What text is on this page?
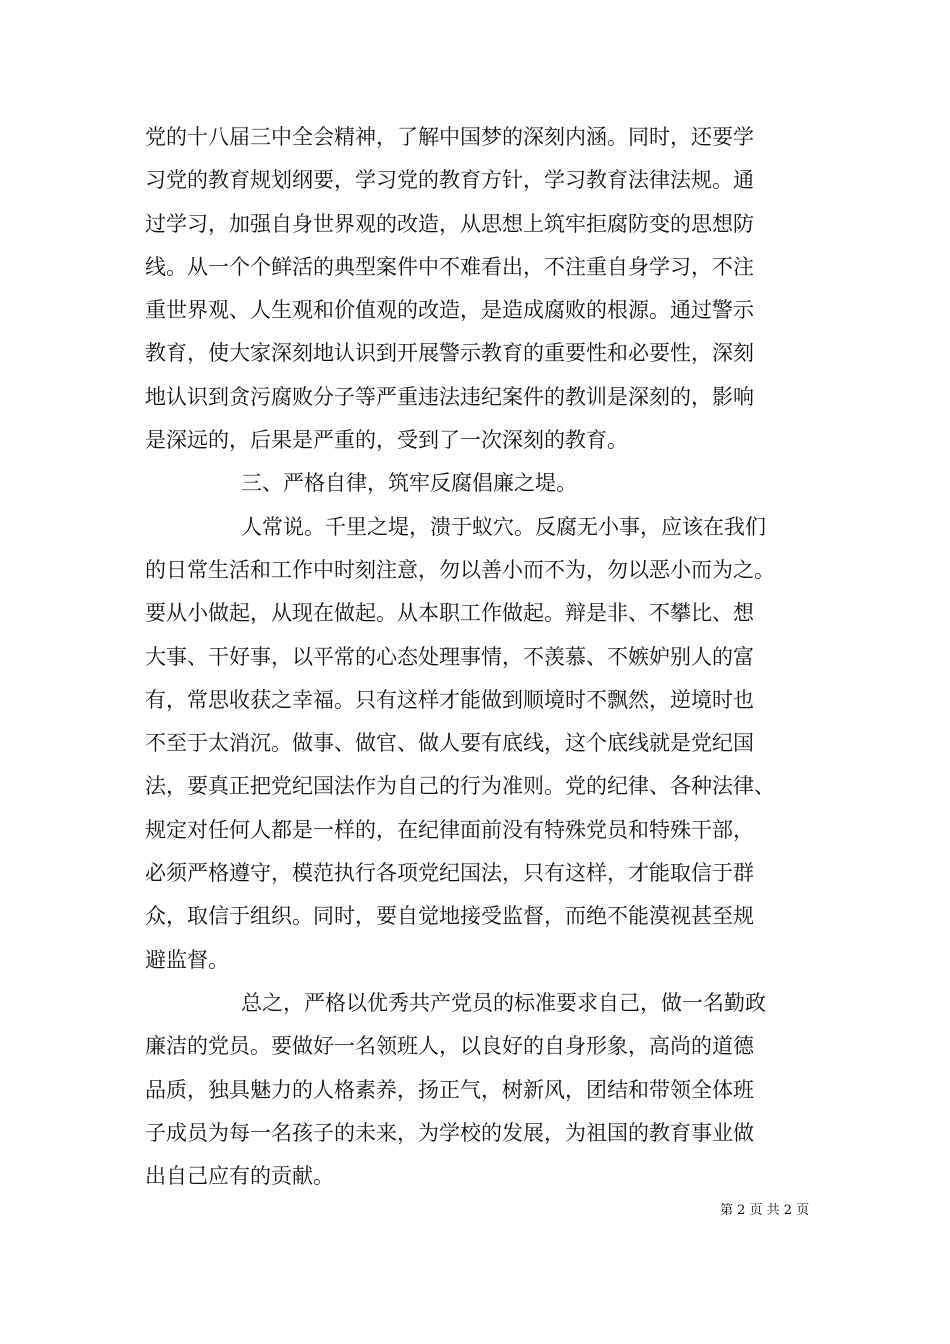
党的十八届三中全会精神，了解中国梦的深刻内涵。同时，还要学
习党的教育规划纲要，学习党的教育方针，学习教育法律法规。通
过学习，加强自身世界观的改造，从思想上筑牢拒腐防变的思想防
线。从一个个鲜活的典型案件中不难看出，不注重自身学习，不注
重世界观、人生观和价值观的改造，是造成腐败的根源。通过警示
教育，使大家深刻地认识到开展警示教育的重要性和必要性，深刻
地认识到贪污腐败分子等严重违法违纪案件的教训是深刻的，影响
是深远的，后果是严重的，受到了一次深刻的教育。
三、严格自律，筑牢反腐倡廉之堤。
人常说。千里之堤，溃于蚁穴。反腐无小事，应该在我们
的日常生活和工作中时刻注意，勿以善小而不为，勿以恶小而为之。
要从小做起，从现在做起。从本职工作做起。辩是非、不攀比、想
大事、干好事，以平常的心态处理事情，不羡慕、不嫉妒别人的富
有，常思收获之幸福。只有这样才能做到顺境时不飘然，逆境时也
不至于太消沉。做事、做官、做人要有底线，这个底线就是党纪国
法，要真正把党纪国法作为自己的行为准则。党的纪律、各种法律、
规定对任何人都是一样的，在纪律面前没有特殊党员和特殊干部，
必须严格遵守，模范执行各项党纪国法，只有这样，才能取信于群
众，取信于组织。同时，要自觉地接受监督，而绝不能漠视甚至规
避监督。
总之，严格以优秀共产党员的标准要求自己，做一名勤政
廉洁的党员。要做好一名领班人，以良好的自身形象，高尚的道德
品质，独具魅力的人格素养，扬正气，树新风，团结和带领全体班
子成员为每一名孩子的未来，为学校的发展，为祖国的教育事业做
出自己应有的贡献。
第 2 页 共 2 页
